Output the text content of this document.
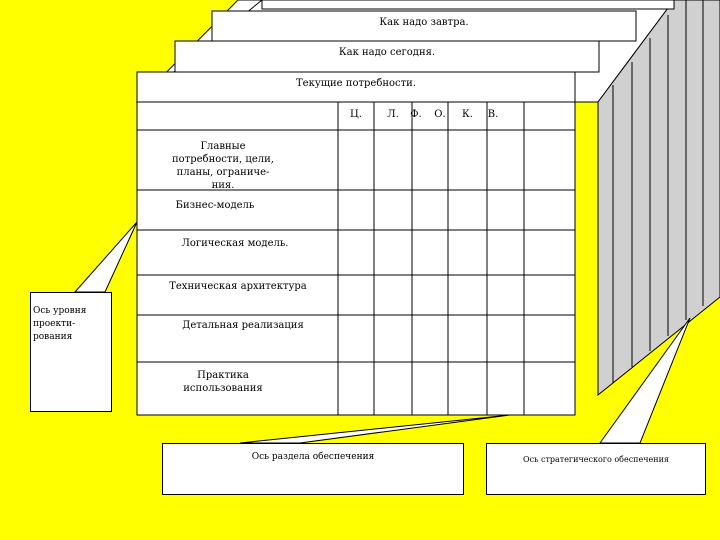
Как надо завтра.
Как надо сегодня.
Текущие потребности.
Ц.	Л.	Ф.	О.	К.	В.
Главные потребности, цели, планы, ограниче-ния.
Бизнес-модель
Логическая модель.
Техническая архитектура
Детальная реализация
Практика использования
Ось уровня проекти-рования
Ось раздела обеспечения	Ось стратегического обеспечения
